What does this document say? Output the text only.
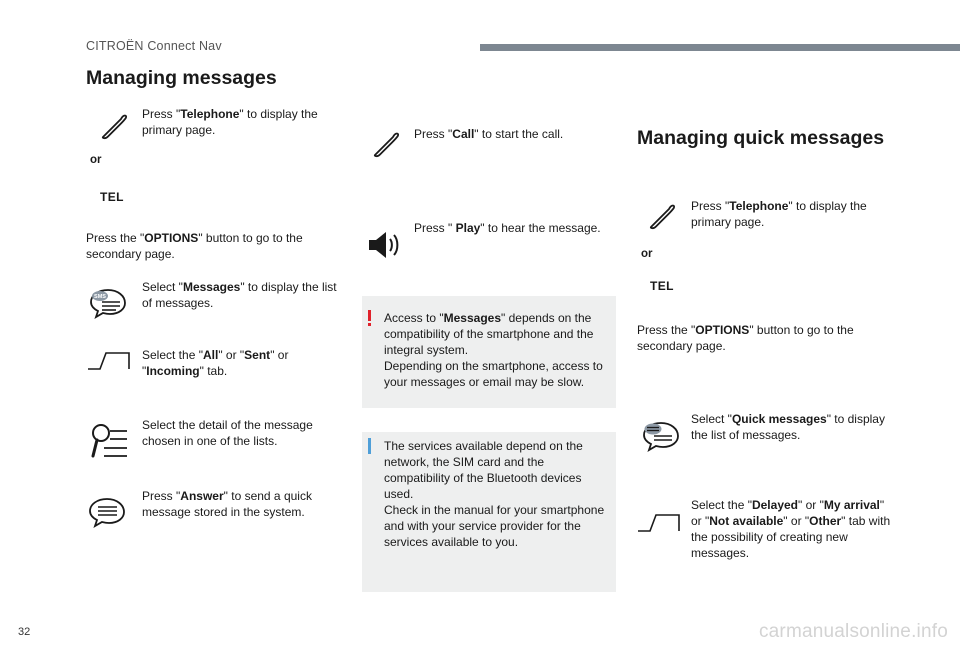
CITROËN Connect Nav
Managing messages
Press "Telephone" to display the primary page.
or
TEL
Press the "OPTIONS" button to go to the secondary page.
SMS
Select "Messages" to display the list of messages.
Select the "All" or "Sent" or "Incoming" tab.
Select the detail of the message chosen in one of the lists.
Press "Answer" to send a quick message stored in the system.
Press "Call" to start the call.
Press " Play" to hear the message.
Access to "Messages" depends on the compatibility of the smartphone and the integral system.
Depending on the smartphone, access to your messages or email may be slow.
The services available depend on the network, the SIM card and the compatibility of the Bluetooth devices used.
Check in the manual for your smartphone and with your service provider for the services available to you.
Managing quick messages
Press "Telephone" to display the primary page.
or
TEL
Press the "OPTIONS" button to go to the secondary page.
Select "Quick messages" to display the list of messages.
Select the "Delayed" or "My arrival" or "Not available" or "Other" tab with the possibility of creating new messages.
32	carmanualsonline.info
